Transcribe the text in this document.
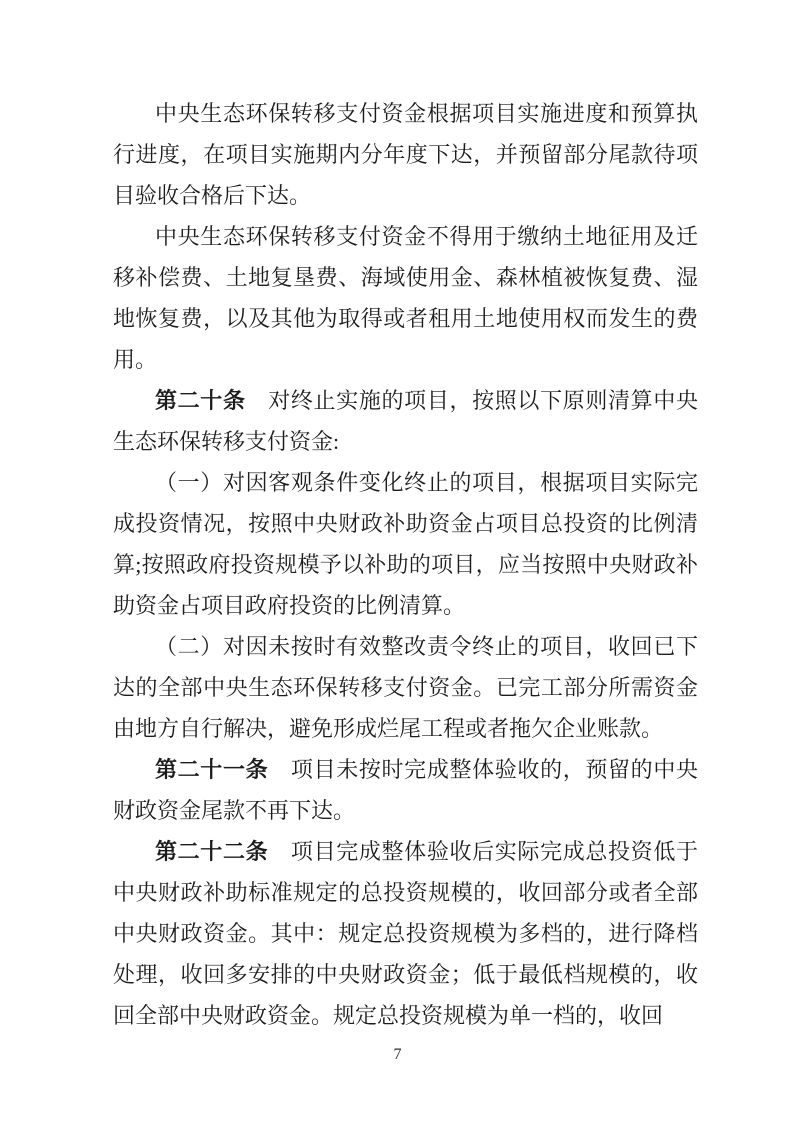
中央生态环保转移支付资金根据项目实施进度和预算执行进度，在项目实施期内分年度下达，并预留部分尾款待项目验收合格后下达。

中央生态环保转移支付资金不得用于缴纳土地征用及迁移补偿费、土地复垦费、海域使用金、森林植被恢复费、湿地恢复费，以及其他为取得或者租用土地使用权而发生的费用。

第二十条　对终止实施的项目，按照以下原则清算中央生态环保转移支付资金:

（一）对因客观条件变化终止的项目，根据项目实际完成投资情况，按照中央财政补助资金占项目总投资的比例清算;按照政府投资规模予以补助的项目，应当按照中央财政补助资金占项目政府投资的比例清算。

（二）对因未按时有效整改责令终止的项目，收回已下达的全部中央生态环保转移支付资金。已完工部分所需资金由地方自行解决，避免形成烂尾工程或者拖欠企业账款。

第二十一条　项目未按时完成整体验收的，预留的中央财政资金尾款不再下达。

第二十二条　项目完成整体验收后实际完成总投资低于中央财政补助标准规定的总投资规模的，收回部分或者全部中央财政资金。其中：规定总投资规模为多档的，进行降档处理，收回多安排的中央财政资金；低于最低档规模的，收回全部中央财政资金。规定总投资规模为单一档的，收回

7
